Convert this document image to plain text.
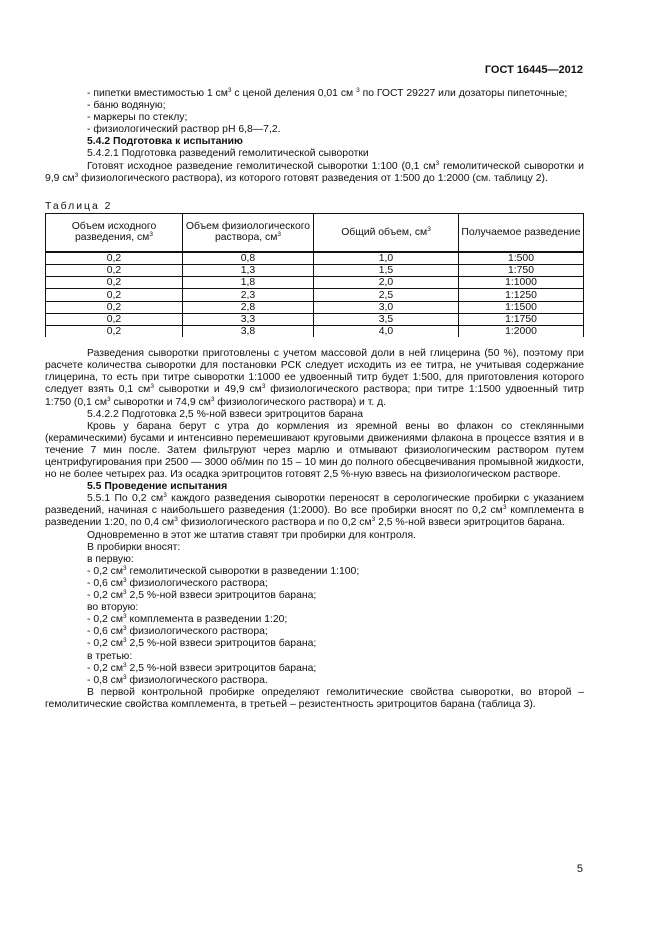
ГОСТ 16445—2012

- пипетки вместимостью 1 $см^3$ с ценой деления 0,01 см $^3$ по ГОСТ 29227 или дозаторы пипеточные;

- баню водяную;

- маркеры по стеклу;

- физиологический раствор рН 6,8—7,2.

5.4.2 Подготовка к испытанию

5.4.2.1 Подготовка разведений гемолитической сыворотки

Готовят исходное разведение гемолитической сыворотки 1:100 (0,1 $см^3$ гемолитической сыворотки и 9,9 $см^3$ физиологического раствора), из которого готовят разведения от 1:500 до 1:2000 (см. таблицу 2).

Таблица 2

Объем исходного разведения, $см^3$	Объем физиологического раствора, $см^3$	Общий объем, $см^3$	Получаемое разведение
0,2	0,8	1,0	1:500
0,2	1,3	1,5	1:750
0,2	1,8	2,0	1:1000
0,2	2,3	2,5	1:1250
0,2	2,8	3,0	1:1500
0,2	3,3	3,5	1:1750
0,2	3,8	4,0	1:2000

Разведения сыворотки приготовлены с учетом массовой доли в ней глицерина (50 %), поэтому при расчете количества сыворотки для постановки РСК следует исходить из ее титра, не учитывая содержание глицерина, то есть при титре сыворотки 1:1000 ее удвоенный титр будет 1:500, для приготовления которого следует взять 0,1 $см^3$ сыворотки и 49,9 $см^3$ физиологического раствора; при титре 1:1500 удвоенный титр 1:750 (0,1 $см^3$ сыворотки и 74,9 $см^3$ физиологического раствора) и т. д.

5.4.2.2 Подготовка 2,5 %-ной взвеси эритроцитов барана

Кровь у барана берут с утра до кормления из яремной вены во флакон со стеклянными (керамическими) бусами и интенсивно перемешивают круговыми движениями флакона в процессе взятия и в течение 7 мин после. Затем фильтруют через марлю и отмывают физиологическим раствором путем центрифугирования при 2500 — 3000 об/мин по 15 – 10 мин до полного обесцвечивания промывной жидкости, но не более четырех раз. Из осадка эритроцитов готовят 2,5 %-ную взвесь на физиологическом растворе.

5.5 Проведение испытания

5.5.1 По 0,2 $см^3$ каждого разведения сыворотки переносят в серологические пробирки с указанием разведений, начиная с наибольшего разведения (1:2000). Во все пробирки вносят по 0,2 $см^3$ комплемента в разведении 1:20, по 0,4 $см^3$ физиологического раствора и по 0,2 $см^3$ 2,5 %-ной взвеси эритроцитов барана.

Одновременно в этот же штатив ставят три пробирки для контроля.

В пробирки вносят:

в первую:

- 0,2 $см^3$ гемолитической сыворотки в разведении 1:100;

- 0,6 $см^3$ физиологического раствора;

- 0,2 $см^3$ 2,5 %-ной взвеси эритроцитов барана;

во вторую:

- 0,2 $см^3$ комплемента в разведении 1:20;

- 0,6 $см^3$ физиологического раствора;

- 0,2 $см^3$ 2,5 %-ной взвеси эритроцитов барана;

в третью:

- 0,2 $см^3$ 2,5 %-ной взвеси эритроцитов барана;

- 0,8 $см^3$ физиологического раствора.

В первой контрольной пробирке определяют гемолитические свойства сыворотки, во второй – гемолитические свойства комплемента, в третьей – резистентность эритроцитов барана (таблица 3).

5
